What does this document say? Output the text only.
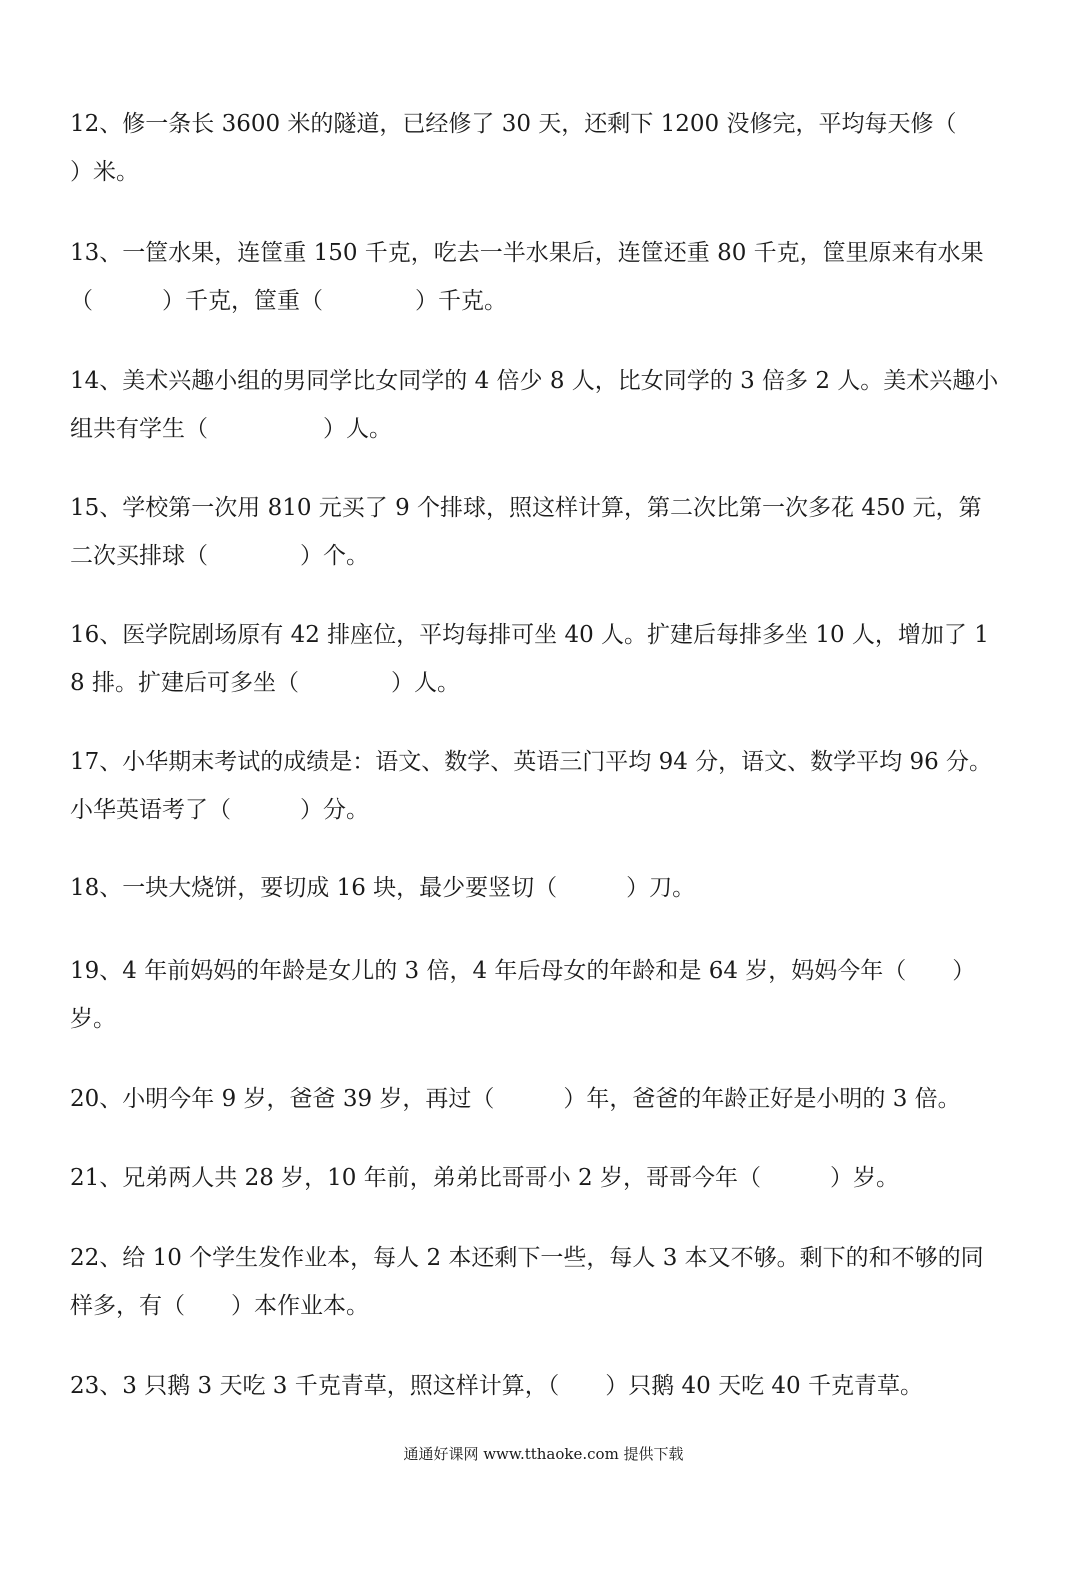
12、修一条长 3600 米的隧道，已经修了 30 天，还剩下 1200 没修完，平均每天修（　　　）米。

13、一筐水果，连筐重 150 千克，吃去一半水果后，连筐还重 80 千克，筐里原来有水果（　　　）千克，筐重（　　　　）千克。

14、美术兴趣小组的男同学比女同学的 4 倍少 8 人，比女同学的 3 倍多 2 人。美术兴趣小组共有学生（　　　　　）人。

15、学校第一次用 810 元买了 9 个排球，照这样计算，第二次比第一次多花 450 元，第二次买排球（　　　　）个。

16、医学院剧场原有 42 排座位，平均每排可坐 40 人。扩建后每排多坐 10 人，增加了 18 排。扩建后可多坐（　　　　）人。

17、小华期末考试的成绩是：语文、数学、英语三门平均 94 分，语文、数学平均 96 分。小华英语考了（　　　）分。

18、一块大烧饼，要切成 16 块，最少要竖切（　　　）刀。

19、4 年前妈妈的年龄是女儿的 3 倍，4 年后母女的年龄和是 64 岁，妈妈今年（　　）岁。

20、小明今年 9 岁，爸爸 39 岁，再过（　　　）年，爸爸的年龄正好是小明的 3 倍。

21、兄弟两人共 28 岁，10 年前，弟弟比哥哥小 2 岁，哥哥今年（　　　）岁。

22、给 10 个学生发作业本，每人 2 本还剩下一些，每人 3 本又不够。剩下的和不够的同样多，有（　　）本作业本。

23、3 只鹅 3 天吃 3 千克青草，照这样计算，（　　）只鹅 40 天吃 40 千克青草。

通通好课网 www.tthaoke.com 提供下载
